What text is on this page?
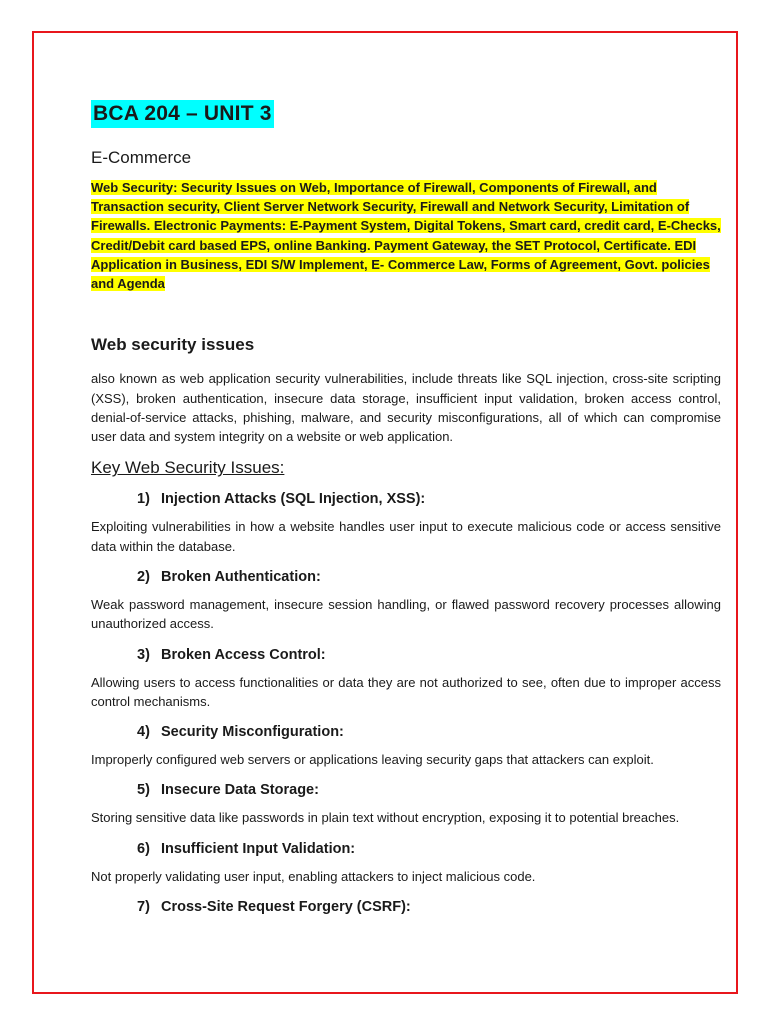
BCA 204 – UNIT 3
E-Commerce

Web Security: Security Issues on Web, Importance of Firewall, Components of Firewall, and Transaction security, Client Server Network Security, Firewall and Network Security, Limitation of Firewalls. Electronic Payments: E-Payment System, Digital Tokens, Smart card, credit card, E-Checks, Credit/Debit card based EPS, online Banking. Payment Gateway, the SET Protocol, Certificate. EDI Application in Business, EDI S/W Implement, E- Commerce Law, Forms of Agreement, Govt. policies and Agenda

Web security issues

also known as web application security vulnerabilities, include threats like SQL injection, cross-site scripting (XSS), broken authentication, insecure data storage, insufficient input validation, broken access control, denial-of-service attacks, phishing, malware, and security misconfigurations, all of which can compromise user data and system integrity on a website or web application.

Key Web Security Issues:
1) Injection Attacks (SQL Injection, XSS):

Exploiting vulnerabilities in how a website handles user input to execute malicious code or access sensitive data within the database.

2) Broken Authentication:

Weak password management, insecure session handling, or flawed password recovery processes allowing unauthorized access.

3) Broken Access Control:

Allowing users to access functionalities or data they are not authorized to see, often due to improper access control mechanisms.

4) Security Misconfiguration:

Improperly configured web servers or applications leaving security gaps that attackers can exploit.

5) Insecure Data Storage:

Storing sensitive data like passwords in plain text without encryption, exposing it to potential breaches.

6) Insufficient Input Validation:

Not properly validating user input, enabling attackers to inject malicious code.

7) Cross-Site Request Forgery (CSRF):
